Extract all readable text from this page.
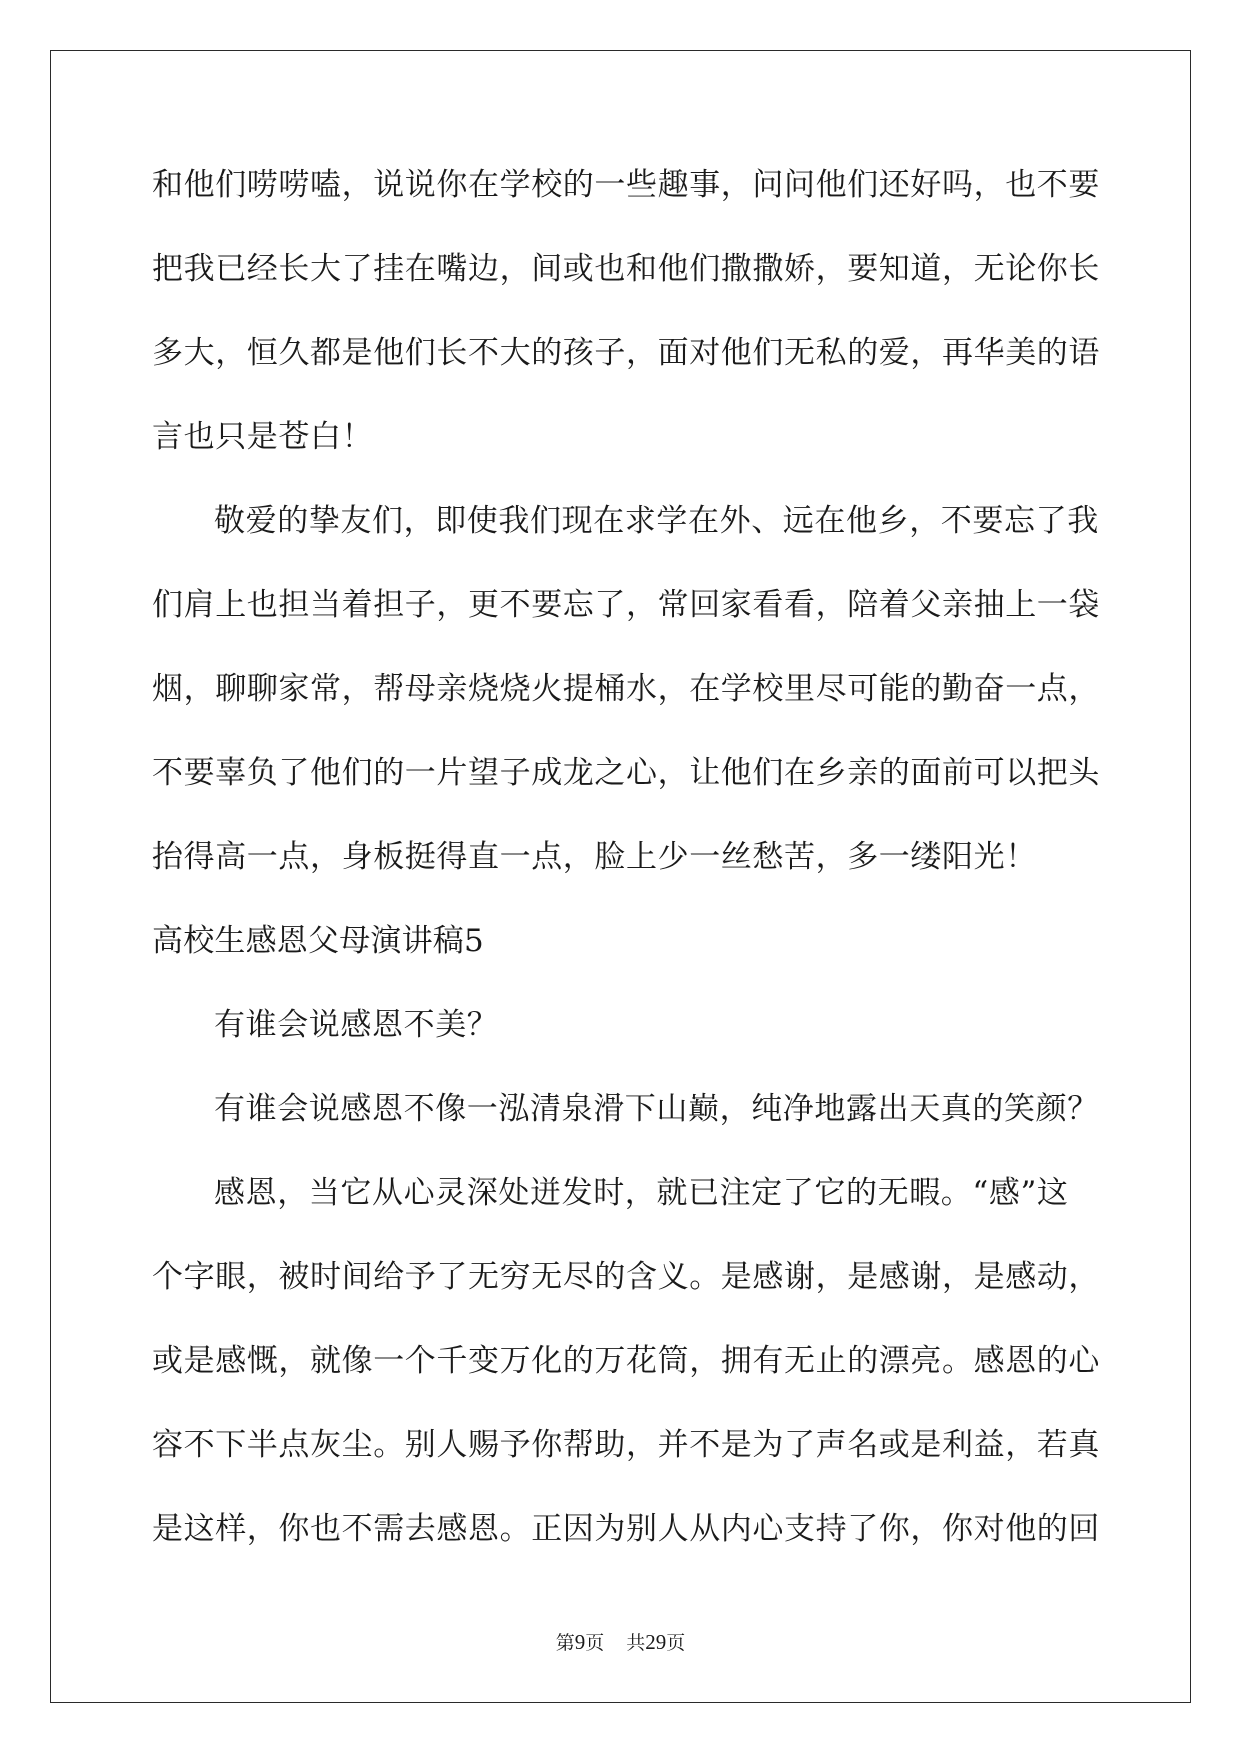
和他们唠唠嗑，说说你在学校的一些趣事，问问他们还好吗，也不要
把我已经长大了挂在嘴边，间或也和他们撒撒娇，要知道，无论你长
多大，恒久都是他们长不大的孩子，面对他们无私的爱，再华美的语
言也只是苍白！
敬爱的挚友们，即使我们现在求学在外、远在他乡，不要忘了我
们肩上也担当着担子，更不要忘了，常回家看看，陪着父亲抽上一袋
烟，聊聊家常，帮母亲烧烧火提桶水，在学校里尽可能的勤奋一点，
不要辜负了他们的一片望子成龙之心，让他们在乡亲的面前可以把头
抬得高一点，身板挺得直一点，脸上少一丝愁苦，多一缕阳光！
高校生感恩父母演讲稿5
有谁会说感恩不美？
有谁会说感恩不像一泓清泉滑下山巅，纯净地露出天真的笑颜？
感恩，当它从心灵深处迸发时，就已注定了它的无暇。“感”这
个字眼，被时间给予了无穷无尽的含义。是感谢，是感谢，是感动，
或是感慨，就像一个千变万化的万花筒，拥有无止的漂亮。感恩的心
容不下半点灰尘。别人赐予你帮助，并不是为了声名或是利益，若真
是这样，你也不需去感恩。正因为别人从内心支持了你，你对他的回
第9页 共29页
